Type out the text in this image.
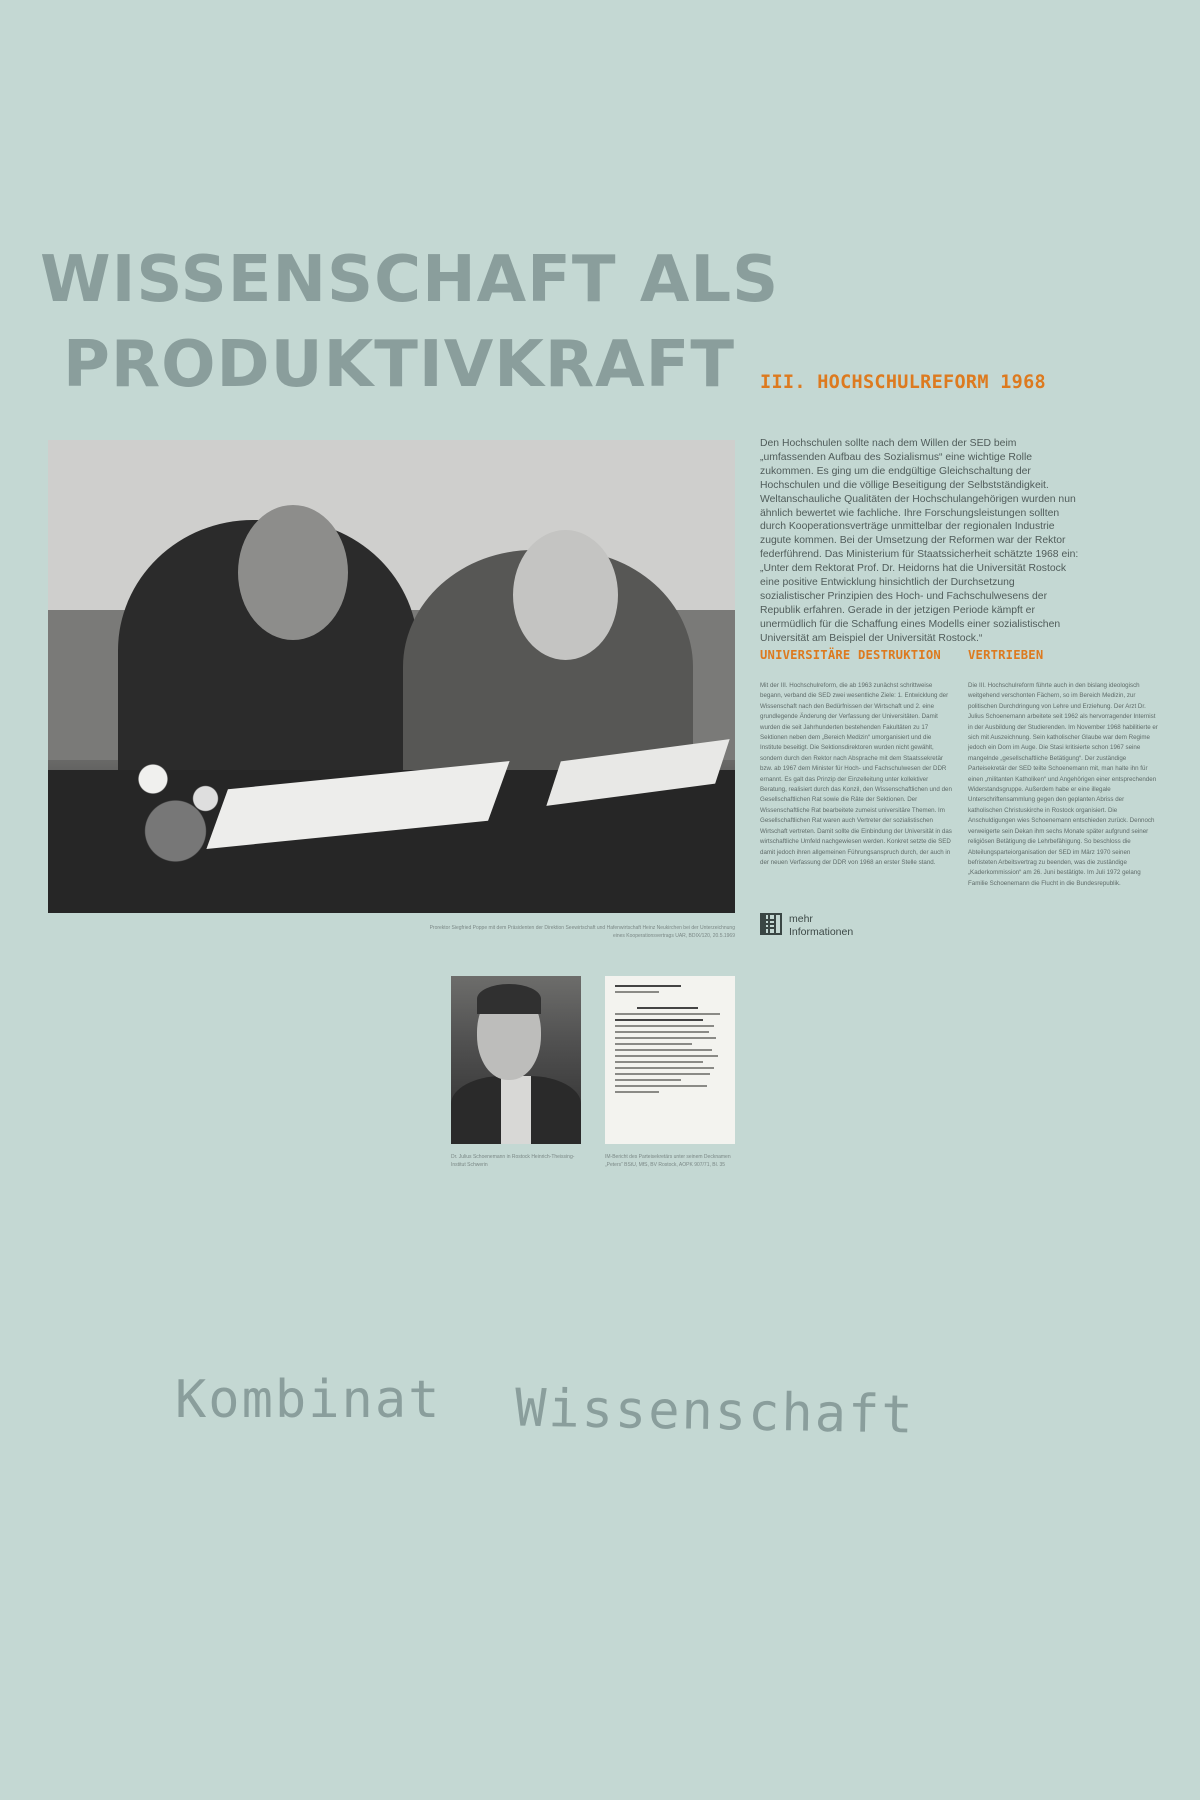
WISSENSCHAFT ALS
PRODUKTIVKRAFT III. HOCHSCHULREFORM 1968
Den Hochschulen sollte nach dem Willen der SED beim „umfassenden Aufbau des Sozialismus“ eine wichtige Rolle zukommen. Es ging um die endgültige Gleichschaltung der Hochschulen und die völlige Beseitigung der Selbstständigkeit. Weltanschauliche Qualitäten der Hochschulangehörigen wurden nun ähnlich bewertet wie fachliche. Ihre Forschungsleistungen sollten durch Kooperationsverträge unmittelbar der regionalen Industrie zugute kommen. Bei der Umsetzung der Reformen war der Rektor federführend. Das Ministerium für Staatssicherheit schätzte 1968 ein: „Unter dem Rektorat Prof. Dr. Heidorns hat die Universität Rostock eine positive Entwicklung hinsichtlich der Durchsetzung sozialistischer Prinzipien des Hoch- und Fachschulwesens der Republik erfahren. Gerade in der jetzigen Periode kämpft er unermüdlich für die Schaffung eines Modells einer sozialistischen Universität am Beispiel der Universität Rostock.“
UNIVERSITÄRE DESTRUKTION VERTRIEBEN
Mit der III. Hochschulreform, die ab 1963 zunächst schrittweise begann, verband die SED zwei wesentliche Ziele: 1. Entwicklung der Wissenschaft nach den Bedürfnissen der Wirtschaft und 2. eine grundlegende Änderung der Verfassung der Universitäten. Damit wurden die seit Jahrhunderten bestehenden Fakultäten zu 17 Sektionen neben dem „Bereich Medizin“ umorganisiert und die Institute beseitigt. Die Sektionsdirektoren wurden nicht gewählt, sondern durch den Rektor nach Absprache mit dem Staatssekretär bzw. ab 1967 dem Minister für Hoch- und Fachschulwesen der DDR ernannt. Es galt das Prinzip der Einzelleitung unter kollektiver Beratung, realisiert durch das Konzil, den Wissenschaftlichen und den Gesellschaftlichen Rat sowie die Räte der Sektionen. Der Wissenschaftliche Rat bearbeitete zumeist universitäre Themen. Im Gesellschaftlichen Rat waren auch Vertreter der sozialistischen Wirtschaft vertreten. Damit sollte die Einbindung der Universität in das wirtschaftliche Umfeld nachgewiesen werden. Konkret setzte die SED damit jedoch ihren allgemeinen Führungsanspruch durch, der auch in der neuen Verfassung der DDR von 1968 an erster Stelle stand.
Die III. Hochschulreform führte auch in den bislang ideologisch weitgehend verschonten Fächern, so im Bereich Medizin, zur politischen Durchdringung von Lehre und Erziehung. Der Arzt Dr. Julius Schoenemann arbeitete seit 1962 als hervorragender Internist in der Ausbildung der Studierenden. Im November 1968 habilitierte er sich mit Auszeichnung. Sein katholischer Glaube war dem Regime jedoch ein Dorn im Auge. Die Stasi kritisierte schon 1967 seine mangelnde „gesellschaftliche Betätigung“. Der zuständige Parteisekretär der SED teilte Schoenemann mit, man halte ihn für einen „militanten Katholiken“ und Angehörigen einer entsprechenden Widerstandsgruppe. Außerdem habe er eine illegale Unterschriftensammlung gegen den geplanten Abriss der katholischen Christuskirche in Rostock organisiert. Die Anschuldigungen wies Schoenemann entschieden zurück. Dennoch verweigerte sein Dekan ihm sechs Monate später aufgrund seiner religiösen Betätigung die Lehrbefähigung. So beschloss die Abteilungsparteiorganisation der SED im März 1970 seinen befristeten Arbeitsvertrag zu beenden, was die zuständige „Kaderkommission“ am 26. Juni bestätigte. Im Juli 1972 gelang Familie Schoenemann die Flucht in die Bundesrepublik.
Prorektor Siegfried Poppe mit dem Präsidenten der Direktion Seewirtschaft und Hafenwirtschaft Heinz Neukirchen bei der Unterzeichnung eines Kooperationsvertrags UAR, BDIX/120, 20.5.1969
mehr
Informationen
Dr. Julius Schoenemann in Rostock Heinrich-Theissing-Institut Schwerin
IM-Bericht des Parteisekretärs unter seinem Decknamen „Peters“ BStU, MfS, BV Rostock, AOPK 907/71, Bl. 35
Kombinat Wissenschaft
